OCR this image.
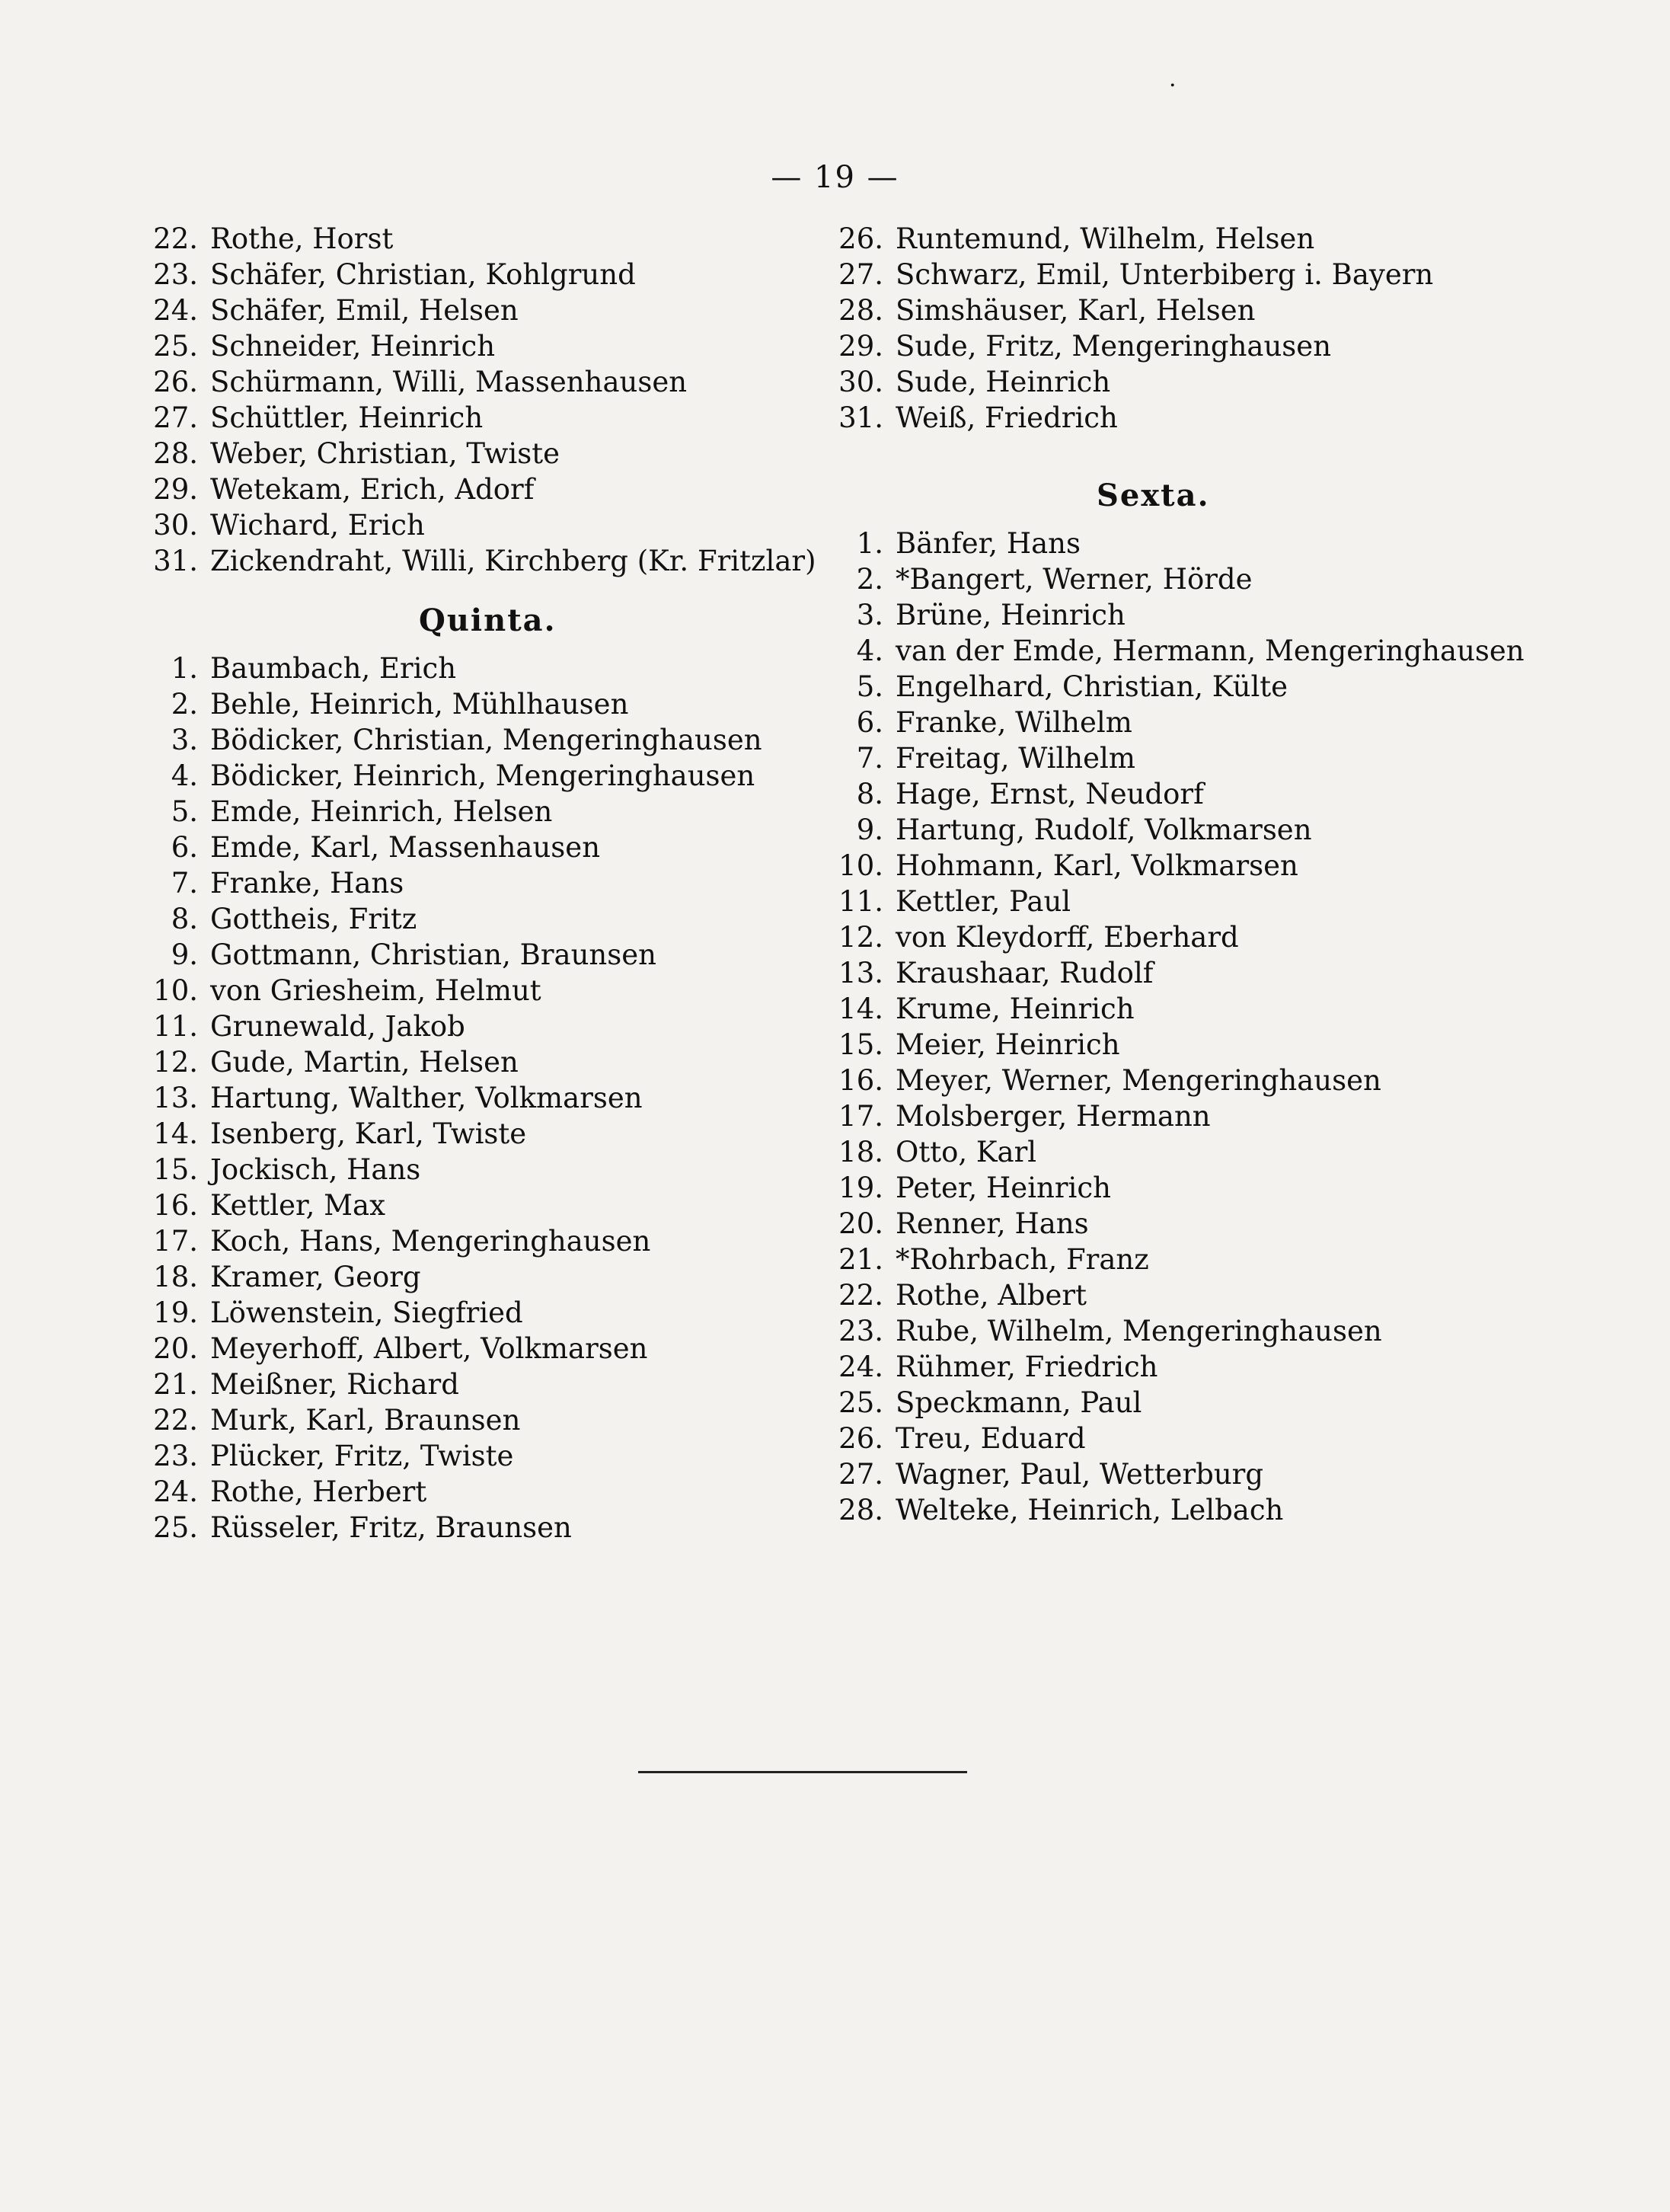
— 19 —
22. Rothe, Horst
23. Schäfer, Christian, Kohlgrund
24. Schäfer, Emil, Helsen
25. Schneider, Heinrich
26. Schürmann, Willi, Massenhausen
27. Schüttler, Heinrich
28. Weber, Christian, Twiste
29. Wetekam, Erich, Adorf
30. Wichard, Erich
31. Zickendraht, Willi, Kirchberg (Kr. Fritzlar)
Quinta.
1. Baumbach, Erich
2. Behle, Heinrich, Mühlhausen
3. Bödicker, Christian, Mengeringhausen
4. Bödicker, Heinrich, Mengeringhausen
5. Emde, Heinrich, Helsen
6. Emde, Karl, Massenhausen
7. Franke, Hans
8. Gottheis, Fritz
9. Gottmann, Christian, Braunsen
10. von Griesheim, Helmut
11. Grunewald, Jakob
12. Gude, Martin, Helsen
13. Hartung, Walther, Volkmarsen
14. Isenberg, Karl, Twiste
15. Jockisch, Hans
16. Kettler, Max
17. Koch, Hans, Mengeringhausen
18. Kramer, Georg
19. Löwenstein, Siegfried
20. Meyerhoff, Albert, Volkmarsen
21. Meißner, Richard
22. Murk, Karl, Braunsen
23. Plücker, Fritz, Twiste
24. Rothe, Herbert
25. Rüsseler, Fritz, Braunsen
26. Runtemund, Wilhelm, Helsen
27. Schwarz, Emil, Unterbiberg i. Bayern
28. Simshäuser, Karl, Helsen
29. Sude, Fritz, Mengeringhausen
30. Sude, Heinrich
31. Weiß, Friedrich
Sexta.
1. Bänfer, Hans
2. *Bangert, Werner, Hörde
3. Brüne, Heinrich
4. van der Emde, Hermann, Mengeringhausen
5. Engelhard, Christian, Külte
6. Franke, Wilhelm
7. Freitag, Wilhelm
8. Hage, Ernst, Neudorf
9. Hartung, Rudolf, Volkmarsen
10. Hohmann, Karl, Volkmarsen
11. Kettler, Paul
12. von Kleydorff, Eberhard
13. Kraushaar, Rudolf
14. Krume, Heinrich
15. Meier, Heinrich
16. Meyer, Werner, Mengeringhausen
17. Molsberger, Hermann
18. Otto, Karl
19. Peter, Heinrich
20. Renner, Hans
21. *Rohrbach, Franz
22. Rothe, Albert
23. Rube, Wilhelm, Mengeringhausen
24. Rühmer, Friedrich
25. Speckmann, Paul
26. Treu, Eduard
27. Wagner, Paul, Wetterburg
28. Welteke, Heinrich, Lelbach
·
